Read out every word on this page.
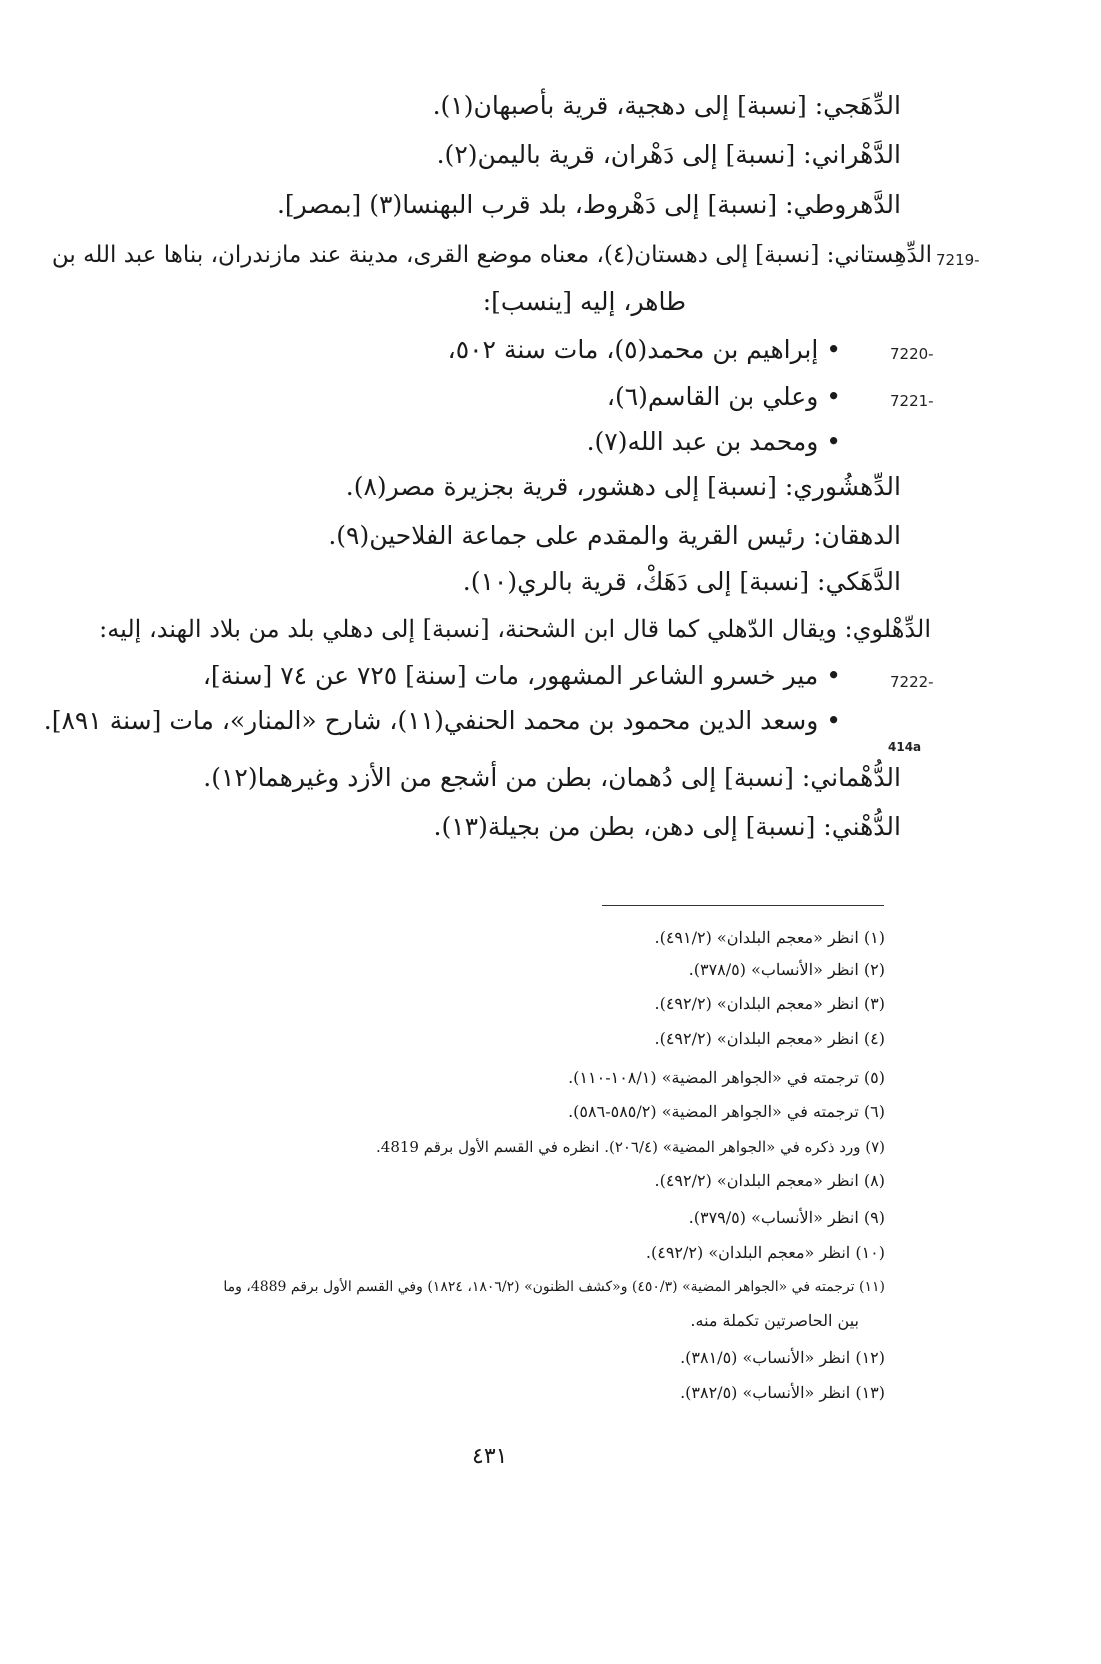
الدِّهَجي: [نسبة] إلى دهجية، قرية بأصبهان(١).
الدَّهْراني: [نسبة] إلى دَهْران، قرية باليمن(٢).
الدَّهروطي: [نسبة] إلى دَهْروط، بلد قرب البهنسا(٣) [بمصر].
7219-
الدِّهِستاني: [نسبة] إلى دهستان(٤)، معناه موضع القرى، مدينة عند مازندران، بناها عبد الله بن
طاهر، إليه [ينسب]:
7220-
• إبراهيم بن محمد(٥)، مات سنة ٥٠٢،
7221-
• وعلي بن القاسم(٦)،
• ومحمد بن عبد الله(٧).
الدِّهشُوري: [نسبة] إلى دهشور، قرية بجزيرة مصر(٨).
الدهقان: رئيس القرية والمقدم على جماعة الفلاحين(٩).
الدَّهَكي: [نسبة] إلى دَهَكْ، قرية بالري(١٠).
الدِّهْلوي: ويقال الدّهلي كما قال ابن الشحنة، [نسبة] إلى دهلي بلد من بلاد الهند، إليه:
7222-
• مير خسرو الشاعر المشهور، مات [سنة] ٧٢٥ عن ٧٤ [سنة]،
• وسعد الدين محمود بن محمد الحنفي(١١)، شارح «المنار»، مات [سنة ٨٩١].
414a
الدُّهْماني: [نسبة] إلى دُهمان، بطن من أشجع من الأزد وغيرهما(١٢).
الدُّهْني: [نسبة] إلى دهن، بطن من بجيلة(١٣).
(١) انظر «معجم البلدان» (٤٩١/٢).
(٢) انظر «الأنساب» (٣٧٨/٥).
(٣) انظر «معجم البلدان» (٤٩٢/٢).
(٤) انظر «معجم البلدان» (٤٩٢/٢).
(٥) ترجمته في «الجواهر المضية» (١٠٨/١-١١٠).
(٦) ترجمته في «الجواهر المضية» (٥٨٥/٢-٥٨٦).
(٧) ورد ذكره في «الجواهر المضية» (٢٠٦/٤). انظره في القسم الأول برقم 4819.
(٨) انظر «معجم البلدان» (٤٩٢/٢).
(٩) انظر «الأنساب» (٣٧٩/٥).
(١٠) انظر «معجم البلدان» (٤٩٢/٢).
(١١) ترجمته في «الجواهر المضية» (٤٥٠/٣) و«كشف الظنون» (١٨٠٦/٢، ١٨٢٤) وفي القسم الأول برقم 4889، وما
بين الحاصرتين تكملة منه.
(١٢) انظر «الأنساب» (٣٨١/٥).
(١٣) انظر «الأنساب» (٣٨٢/٥).
٤٣١
